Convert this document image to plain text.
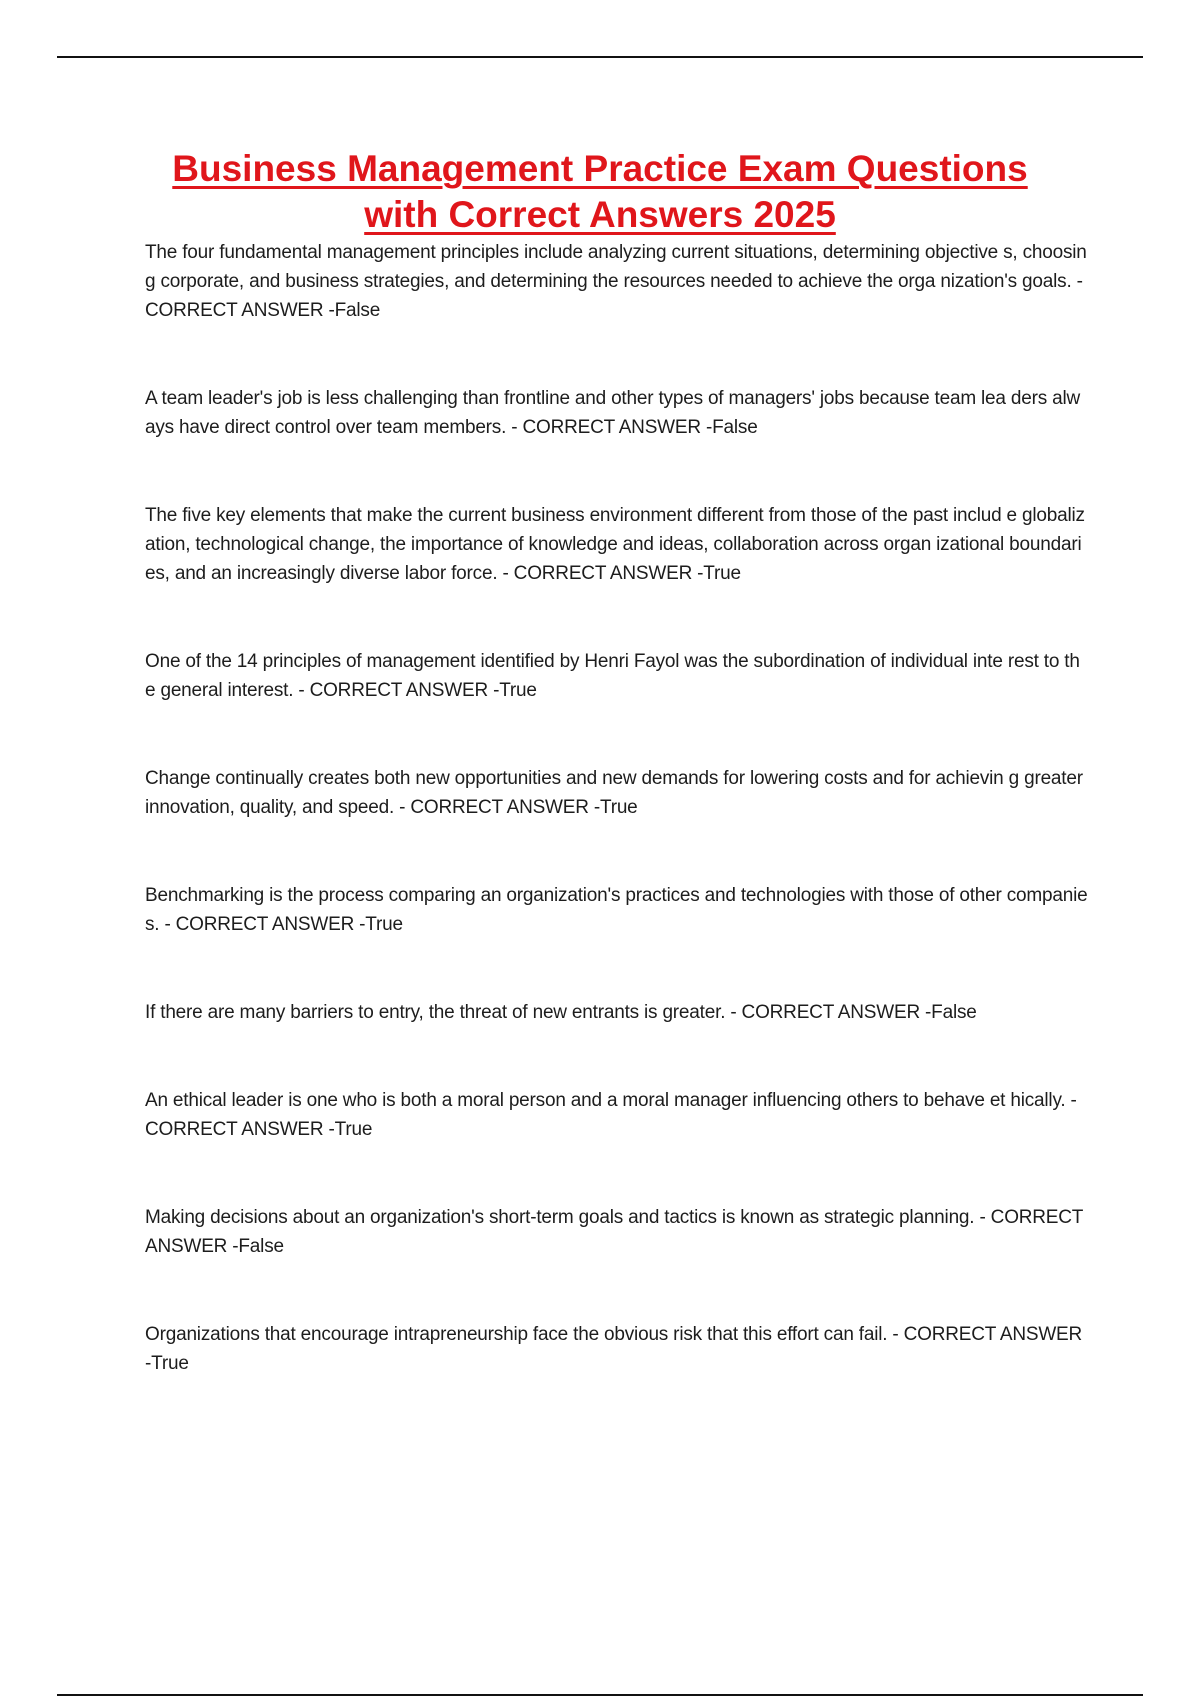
Business Management Practice Exam Questions
with Correct Answers 2025
The four fundamental management principles include analyzing current situations, determining objective s, choosing corporate, and business strategies, and determining the resources needed to achieve the orga nization's goals. - CORRECT ANSWER -False
A team leader's job is less challenging than frontline and other types of managers' jobs because team lea ders always have direct control over team members. - CORRECT ANSWER -False
The five key elements that make the current business environment different from those of the past includ e globalization, technological change, the importance of knowledge and ideas, collaboration across organ izational boundaries, and an increasingly diverse labor force. - CORRECT ANSWER -True
One of the 14 principles of management identified by Henri Fayol was the subordination of individual inte rest to the general interest. - CORRECT ANSWER -True
Change continually creates both new opportunities and new demands for lowering costs and for achievin g greater innovation, quality, and speed. - CORRECT ANSWER -True
Benchmarking is the process comparing an organization's practices and technologies with those of other companies. - CORRECT ANSWER -True
If there are many barriers to entry, the threat of new entrants is greater. - CORRECT ANSWER -False
An ethical leader is one who is both a moral person and a moral manager influencing others to behave et hically. - CORRECT ANSWER -True
Making decisions about an organization's short-term goals and tactics is known as strategic planning. - CORRECT ANSWER -False
Organizations that encourage intrapreneurship face the obvious risk that this effort can fail. - CORRECT ANSWER -True
